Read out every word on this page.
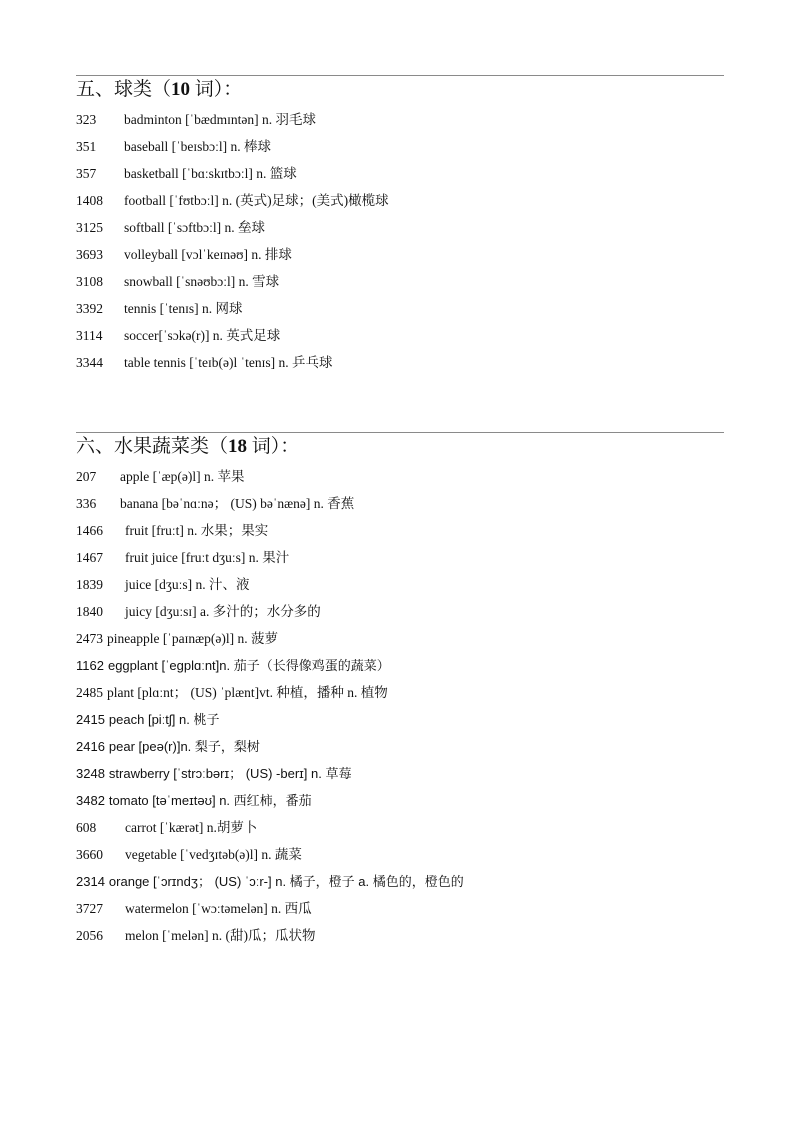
五、球类（10 词）：
323 badminton [ˈbædmɪntən] n. 羽毛球
351 baseball [ˈbeɪsbɔːl] n. 棒球
357 basketball [ˈbɑːskɪtbɔːl] n. 篮球
1408 football [ˈfʊtbɔːl] n. (英式)足球；(美式)橄榄球
3125 softball [ˈsɔftbɔːl] n. 垒球
3693 volleyball [vɔlˈkeɪnəʊ] n. 排球
3108 snowball [ˈsnəʊbɔːl] n. 雪球
3392 tennis [ˈtenɪs] n. 网球
3114 soccer[ˈsɔkə(r)] n. 英式足球
3344 table tennis [ˈteɪb(ə)l ˈtenɪs] n. 乒乓球
六、水果蔬菜类（18 词）：
207 apple [ˈæp(ə)l] n. 苹果
336 banana [bəˈnɑːnə； (US) bəˈnænə] n. 香蕉
1466 fruit [fruːt] n. 水果；果实
1467 fruit juice [fruːt dʒuːs] n. 果汁
1839 juice [dʒuːs] n. 汁、液
1840 juicy [dʒuːsɪ] a. 多汁的；水分多的
2473 pineapple [ˈpaɪnæp(ə)l] n. 菠萝
1162 eggplant [ˈegplɑːnt]n. 茄子（长得像鸡蛋的蔬菜）
2485 plant [plɑːnt； (US) ˈplænt]vt. 种植，播种 n. 植物
2415 peach [piːtʃ] n. 桃子
2416 pear [peə(r)]n. 梨子，梨树
3248 strawberry [ˈstrɔːbərɪ； (US) -berɪ] n. 草莓
3482 tomato [təˈmeɪtəʊ] n. 西红柿，番茄
608 carrot [ˈkærət] n.胡萝卜
3660 vegetable [ˈvedʒɪtəb(ə)l] n. 蔬菜
2314 orange [ˈɔrɪndʒ； (US) ˈɔːr-] n. 橘子，橙子 a. 橘色的，橙色的
3727 watermelon [ˈwɔːtəmelən] n. 西瓜
2056 melon [ˈmelən] n. (甜)瓜；瓜状物
